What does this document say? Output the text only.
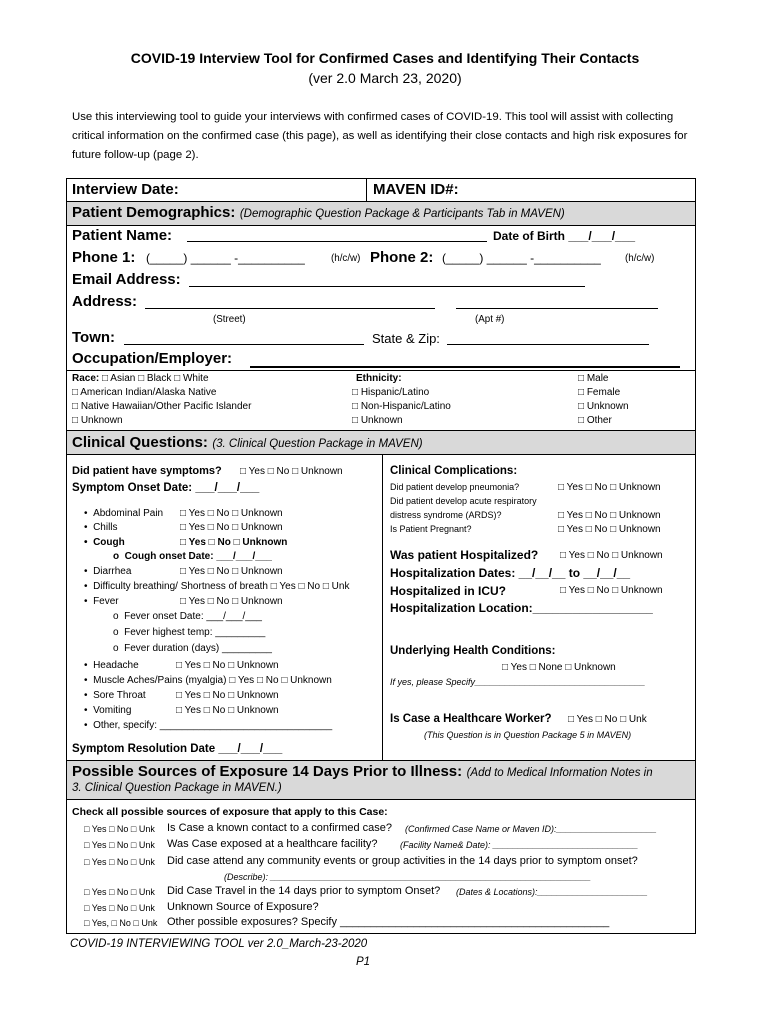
COVID-19 Interview Tool for Confirmed Cases and Identifying Their Contacts
(ver 2.0 March 23, 2020)
Use this interviewing tool to guide your interviews with confirmed cases of COVID-19. This tool will assist with collecting critical information on the confirmed case (this page), as well as identifying their close contacts and high risk exposures for future follow-up (page 2).
Interview Date:	MAVEN ID#:
Patient Demographics: (Demographic Question Package & Participants Tab in MAVEN)
Patient Name:	Date of Birth ___/___/___
Phone 1: (_____) ______ -__________	(h/c/w) Phone 2: (_____) ______ -__________ (h/c/w)
Email Address:
Address:
(Street)	(Apt #)
Town:	State & Zip:
Occupation/Employer:
Race: □ Asian □ Black □ White
□ American Indian/Alaska Native
□ Native Hawaiian/Other Pacific Islander
□ Unknown
Ethnicity:
□ Hispanic/Latino
□ Non-Hispanic/Latino
□ Unknown
□ Male
□ Female
□ Unknown
□ Other
Clinical Questions: (3. Clinical Question Package in MAVEN)
Did patient have symptoms? □ Yes □ No □ Unknown
Symptom Onset Date: ___/___/___
•  Abdominal Pain □ Yes □ No □ Unknown
•  Chills	□ Yes □ No □ Unknown
•  Cough	□ Yes □ No □ Unknown
o  Cough onset Date: ___/___/___
•  Diarrhea	□ Yes □ No □ Unknown
•  Difficulty breathing/ Shortness of breath □ Yes □ No □ Unk
•  Fever	□ Yes □ No □ Unknown
o  Fever onset Date: ___/___/___
o  Fever highest temp: _________
o  Fever duration (days) _________
•  Headache	□ Yes □ No □ Unknown
•  Muscle Aches/Pains (myalgia) □ Yes □ No □ Unknown
•  Sore Throat	□ Yes □ No □ Unknown
•  Vomiting	□ Yes □ No □ Unknown
•  Other, specify: _______________________________
Symptom Resolution Date ___/___/___
Clinical Complications:
Did patient develop pneumonia?	□ Yes □ No □ Unknown
Did patient develop acute respiratory
distress syndrome (ARDS)?	□ Yes □ No □ Unknown
Is Patient Pregnant?	□ Yes □ No □ Unknown
Was patient Hospitalized? □ Yes □ No □ Unknown
Hospitalization Dates: __/__/__ to __/__/__
Hospitalized in ICU?	□ Yes □ No □ Unknown
Hospitalization Location:__________________
Underlying Health Conditions:
□ Yes □ None □ Unknown
If yes, please Specify__________________________________
Is Case a Healthcare Worker? □ Yes □ No □ Unk
(This Question is in Question Package 5 in MAVEN)
Possible Sources of Exposure 14 Days Prior to Illness: (Add to Medical Information Notes in
3. Clinical Question Package in MAVEN.)
Check all possible sources of exposure that apply to this Case:
□ Yes □ No □ Unk Is Case a known contact to a confirmed case? (Confirmed Case Name or Maven ID):____________________
□ Yes □ No □ Unk Was Case exposed at a healthcare facility? (Facility Name& Date): _____________________________
□ Yes □ No □ Unk Did case attend any community events or group activities in the 14 days prior to symptom onset?
(Describe): ________________________________________________________________
□ Yes □ No □ Unk Did Case Travel in the 14 days prior to symptom Onset? (Dates & Locations):______________________
□ Yes □ No □ Unk Unknown Source of Exposure?
□ Yes, □ No □ Unk Other possible exposures? Specify ____________________________________________
COVID-19 INTERVIEWING TOOL ver 2.0_March-23-2020
P1
